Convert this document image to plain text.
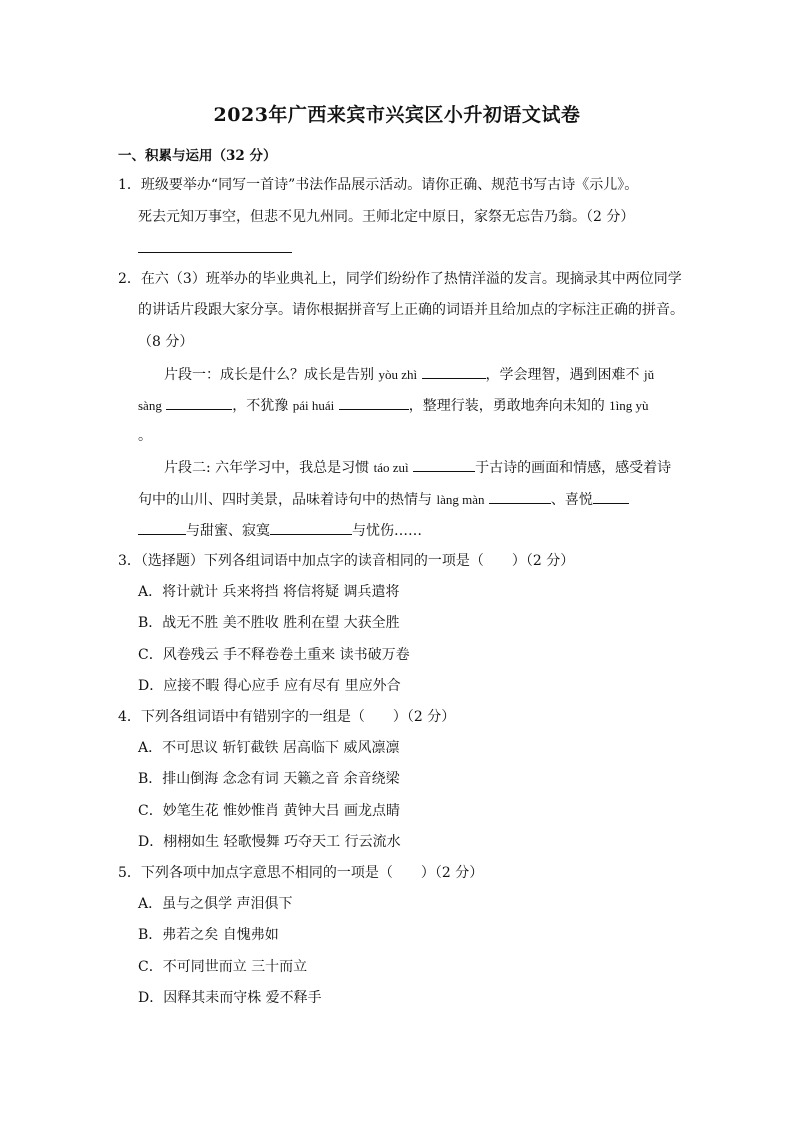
2023年广西来宾市兴宾区小升初语文试卷
一、积累与运用（32 分）
1．班级要举办“同写一首诗”书法作品展示活动。请你正确、规范书写古诗《示儿》。
死去元知万事空，但悲不见九州同。王师北定中原日，家祭无忘告乃翁。（2 分）
2．在六（3）班举办的毕业典礼上，同学们纷纷作了热情洋溢的发言。现摘录其中两位同学
的讲话片段跟大家分享。请你根据拼音写上正确的词语并且给加点的字标注正确的拼音。
（8 分）
片段一：成长是什么？成长是告别 yòu zhì	，学会理智，遇到困难不 jǔ
sàng	，不犹豫 pái huái	，整理行装，勇敢地奔向未知的 1ìng yù
。
片段二: 六年学习中，我总是习惯 táo zuì	于古诗的画面和情感，感受着诗
句中的山川、四时美景，品味着诗句中的热情与 làng màn	、喜悦
与甜蜜、寂寞	与忧伤……
3．（选择题）下列各组词语中加点字的读音相同的一项是（　　）（2 分）
A．将计就计 兵来将挡 将信将疑 调兵遣将
B．战无不胜 美不胜收 胜利在望 大获全胜
C．风卷残云 手不释卷卷土重来 读书破万卷
D．应接不暇 得心应手 应有尽有 里应外合
4．下列各组词语中有错别字的一组是（　　）（2 分）
A．不可思议 斩钉截铁 居高临下 威风凛凛
B．排山倒海 念念有词 天籁之音 余音绕梁
C．妙笔生花 惟妙惟肖 黄钟大吕 画龙点睛
D．栩栩如生 轻歌慢舞 巧夺天工 行云流水
5．下列各项中加点字意思不相同的一项是（　　）（2 分）
A．虽与之俱学 声泪俱下
B．弗若之矣 自愧弗如
C．不可同世而立 三十而立
D．因释其耒而守株 爱不释手
